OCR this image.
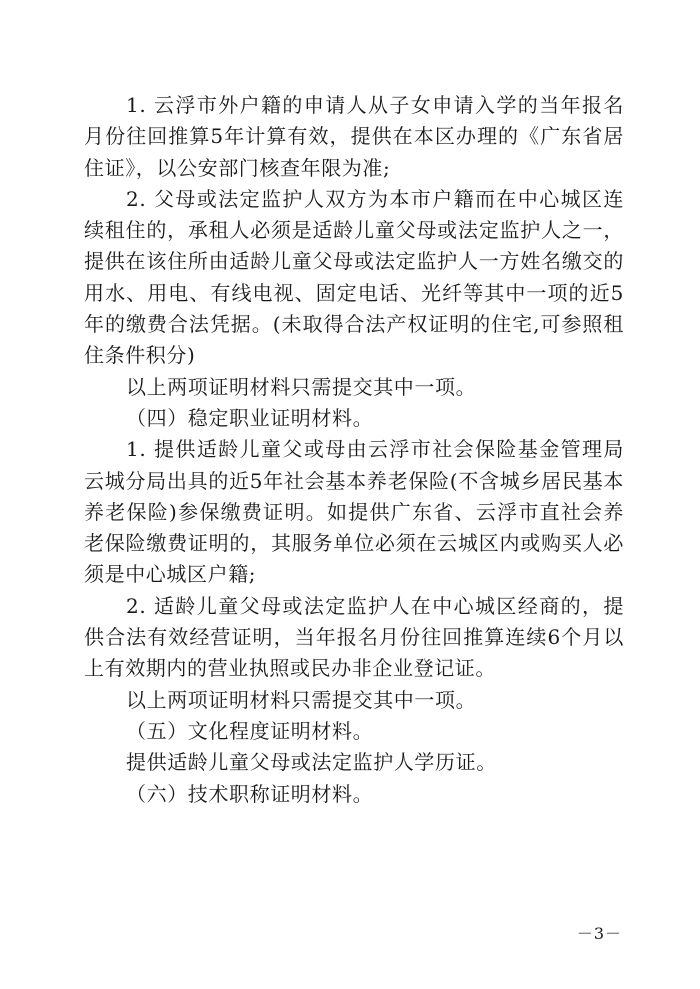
1. 云浮市外户籍的申请人从子女申请入学的当年报名月份往回推算5年计算有效，提供在本区办理的《广东省居住证》，以公安部门核查年限为准;

2. 父母或法定监护人双方为本市户籍而在中心城区连续租住的，承租人必须是适龄儿童父母或法定监护人之一，提供在该住所由适龄儿童父母或法定监护人一方姓名缴交的用水、用电、有线电视、固定电话、光纤等其中一项的近5年的缴费合法凭据。(未取得合法产权证明的住宅,可参照租住条件积分)

以上两项证明材料只需提交其中一项。

（四）稳定职业证明材料。

1. 提供适龄儿童父或母由云浮市社会保险基金管理局云城分局出具的近5年社会基本养老保险(不含城乡居民基本养老保险)参保缴费证明。如提供广东省、云浮市直社会养老保险缴费证明的，其服务单位必须在云城区内或购买人必须是中心城区户籍;

2. 适龄儿童父母或法定监护人在中心城区经商的，提供合法有效经营证明，当年报名月份往回推算连续6个月以上有效期内的营业执照或民办非企业登记证。

以上两项证明材料只需提交其中一项。

（五）文化程度证明材料。

提供适龄儿童父母或法定监护人学历证。

（六）技术职称证明材料。

－3－
